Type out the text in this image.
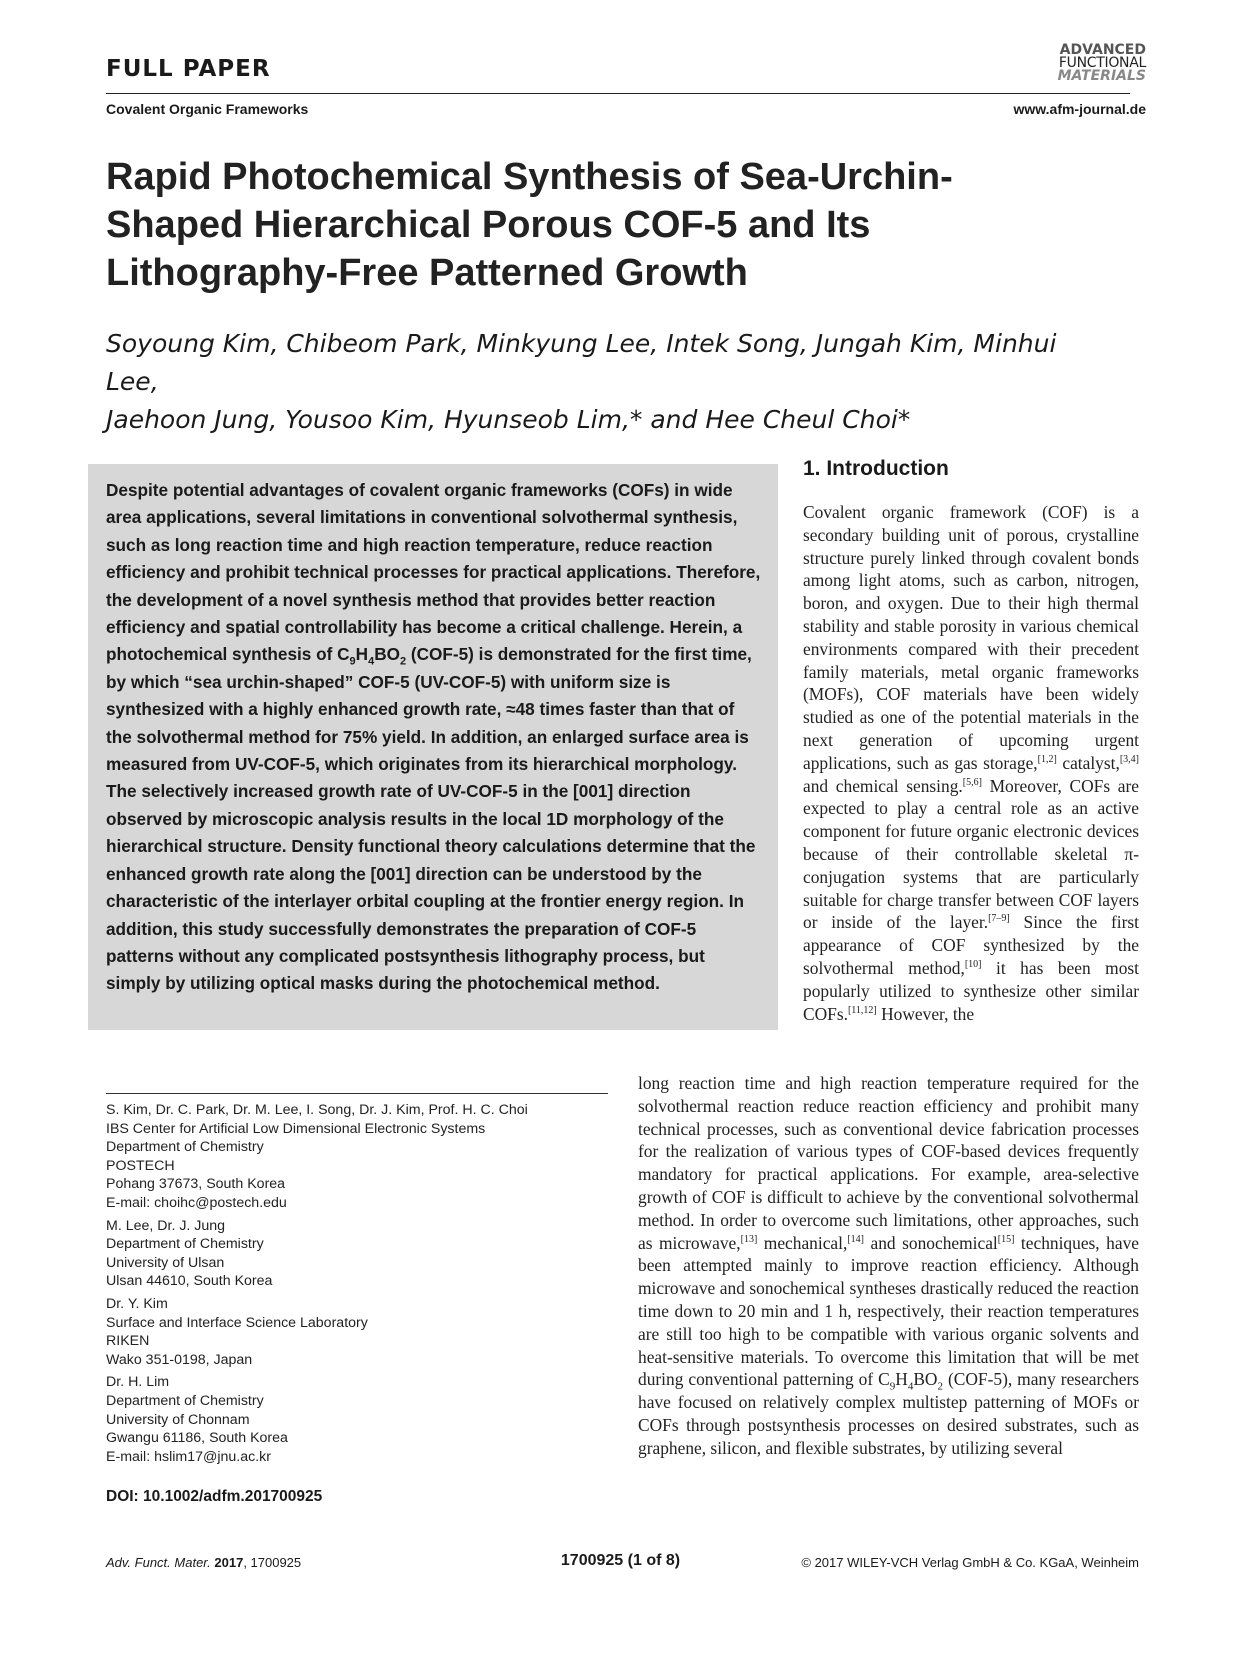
FULL PAPER
Covalent Organic Frameworks
ADVANCED
FUNCTIONAL
MATERIALS
www.afm-journal.de
Rapid Photochemical Synthesis of Sea-Urchin-Shaped Hierarchical Porous COF-5 and Its Lithography-Free Patterned Growth
Soyoung Kim, Chibeom Park, Minkyung Lee, Intek Song, Jungah Kim, Minhui Lee,
Jaehoon Jung, Yousoo Kim, Hyunseob Lim,* and Hee Cheul Choi*
Despite potential advantages of covalent organic frameworks (COFs) in wide area applications, several limitations in conventional solvothermal synthesis, such as long reaction time and high reaction temperature, reduce reaction efficiency and prohibit technical processes for practical applications. Therefore, the development of a novel synthesis method that provides better reaction efficiency and spatial controllability has become a critical challenge. Herein, a photochemical synthesis of $C_9H_4BO_2$ (COF-5) is demonstrated for the first time, by which “sea urchin-shaped” COF-5 (UV-COF-5) with uniform size is synthesized with a highly enhanced growth rate, ≈48 times faster than that of the solvothermal method for 75% yield. In addition, an enlarged surface area is measured from UV-COF-5, which originates from its hierarchical morphology. The selectively increased growth rate of UV-COF-5 in the [001] direction observed by microscopic analysis results in the local 1D morphology of the hierarchical structure. Density functional theory calculations determine that the enhanced growth rate along the [001] direction can be understood by the characteristic of the interlayer orbital coupling at the frontier energy region. In addition, this study successfully demonstrates the preparation of COF-5 patterns without any complicated postsynthesis lithography process, but simply by utilizing optical masks during the photochemical method.
1. Introduction
Covalent organic framework (COF) is a secondary building unit of porous, crystalline structure purely linked through covalent bonds among light atoms, such as carbon, nitrogen, boron, and oxygen. Due to their high thermal stability and stable porosity in various chemical environments compared with their precedent family materials, metal organic frameworks (MOFs), COF materials have been widely studied as one of the potential materials in the next generation of upcoming urgent applications, such as gas storage,[1,2] catalyst,[3,4] and chemical sensing.[5,6] Moreover, COFs are expected to play a central role as an active component for future organic electronic devices because of their controllable skeletal π-conjugation systems that are particularly suitable for charge transfer between COF layers or inside of the layer.[7–9] Since the first appearance of COF synthesized by the solvothermal method,[10] it has been most popularly utilized to synthesize other similar COFs.[11,12] However, the
long reaction time and high reaction temperature required for the solvothermal reaction reduce reaction efficiency and prohibit many technical processes, such as conventional device fabrication processes for the realization of various types of COF-based devices frequently mandatory for practical applications. For example, area-selective growth of COF is difficult to achieve by the conventional solvothermal method. In order to overcome such limitations, other approaches, such as microwave,[13] mechanical,[14] and sonochemical[15] techniques, have been attempted mainly to improve reaction efficiency. Although microwave and sonochemical syntheses drastically reduced the reaction time down to 20 min and 1 h, respectively, their reaction temperatures are still too high to be compatible with various organic solvents and heat-sensitive materials. To overcome this limitation that will be met during conventional patterning of $C_9H_4BO_2$ (COF-5), many researchers have focused on relatively complex multistep patterning of MOFs or COFs through postsynthesis processes on desired substrates, such as graphene, silicon, and flexible substrates, by utilizing several
S. Kim, Dr. C. Park, Dr. M. Lee, I. Song, Dr. J. Kim, Prof. H. C. Choi
IBS Center for Artificial Low Dimensional Electronic Systems
Department of Chemistry
POSTECH
Pohang 37673, South Korea
E-mail: choihc@postech.edu
M. Lee, Dr. J. Jung
Department of Chemistry
University of Ulsan
Ulsan 44610, South Korea
Dr. Y. Kim
Surface and Interface Science Laboratory
RIKEN
Wako 351-0198, Japan
Dr. H. Lim
Department of Chemistry
University of Chonnam
Gwangu 61186, South Korea
E-mail: hslim17@jnu.ac.kr
DOI: 10.1002/adfm.201700925
Adv. Funct. Mater. 2017, 1700925	1700925 (1 of 8)	© 2017 WILEY-VCH Verlag GmbH & Co. KGaA, Weinheim
